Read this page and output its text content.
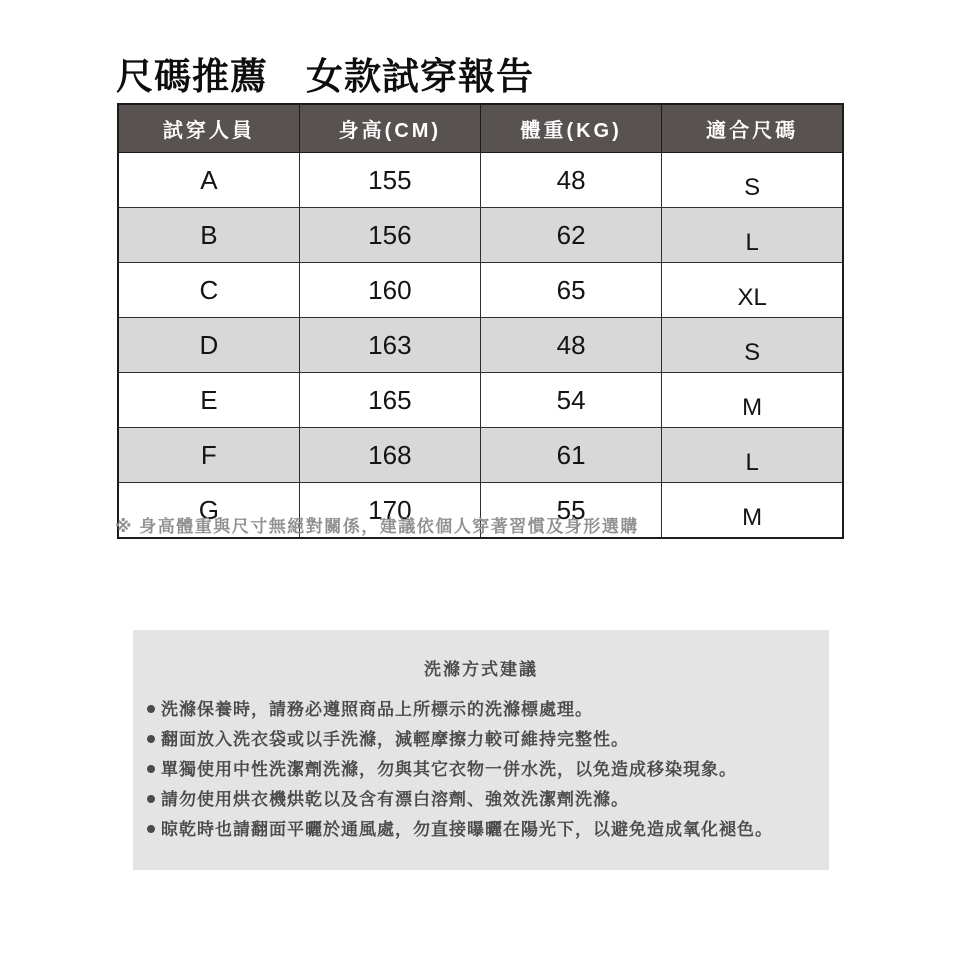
尺碼推薦　女款試穿報告
試穿人員	身高(CM)	體重(KG)	適合尺碼
A	155	48	S
B	156	62	L
C	160	65	XL
D	163	48	S
E	165	54	M
F	168	61	L
G	170	55	M
※ 身高體重與尺寸無絕對關係，建議依個人穿著習慣及身形選購
洗滌方式建議
洗滌保養時，請務必遵照商品上所標示的洗滌標處理。
翻面放入洗衣袋或以手洗滌，減輕摩擦力較可維持完整性。
單獨使用中性洗潔劑洗滌，勿與其它衣物一併水洗，以免造成移染現象。
請勿使用烘衣機烘乾以及含有漂白溶劑、強效洗潔劑洗滌。
晾乾時也請翻面平曬於通風處，勿直接曝曬在陽光下，以避免造成氧化褪色。
